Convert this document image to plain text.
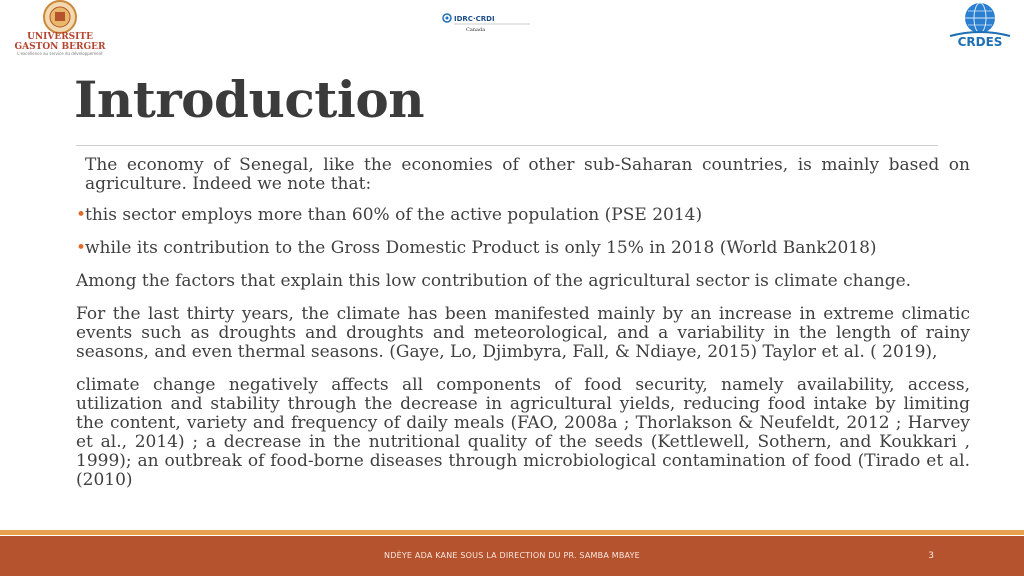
UNIVERSITE
GASTON BERGER
L'excellence au service du développement
IDRC·CRDI
Canada
CRDES
Introduction

The economy of Senegal, like the economies of other sub-Saharan countries, is mainly based on agriculture. Indeed we note that:

•
this sector employs more than 60% of the active population (PSE 2014)

•
while its contribution to the Gross Domestic Product is only 15% in 2018 (World Bank2018)

Among the factors that explain this low contribution of the agricultural sector is climate change.

For the last thirty years, the climate has been manifested mainly by an increase in extreme climatic events such as droughts and droughts and meteorological, and a variability in the length of rainy seasons, and even thermal seasons. (Gaye, Lo, Djimbyra, Fall, & Ndiaye, 2015) Taylor et al. ( 2019),

climate change negatively affects all components of food security, namely availability, access, utilization and stability through the decrease in agricultural yields, reducing food intake by limiting the content, variety and frequency of daily meals (FAO, 2008a ; Thorlakson & Neufeldt, 2012 ; Harvey et al., 2014) ; a decrease in the nutritional quality of the seeds (Kettlewell, Sothern, and Koukkari , 1999); an outbreak of food-borne diseases through microbiological contamination of food (Tirado et al. (2010)

NDÈYE ADA KANE SOUS LA DIRECTION DU PR. SAMBA MBAYE	3
